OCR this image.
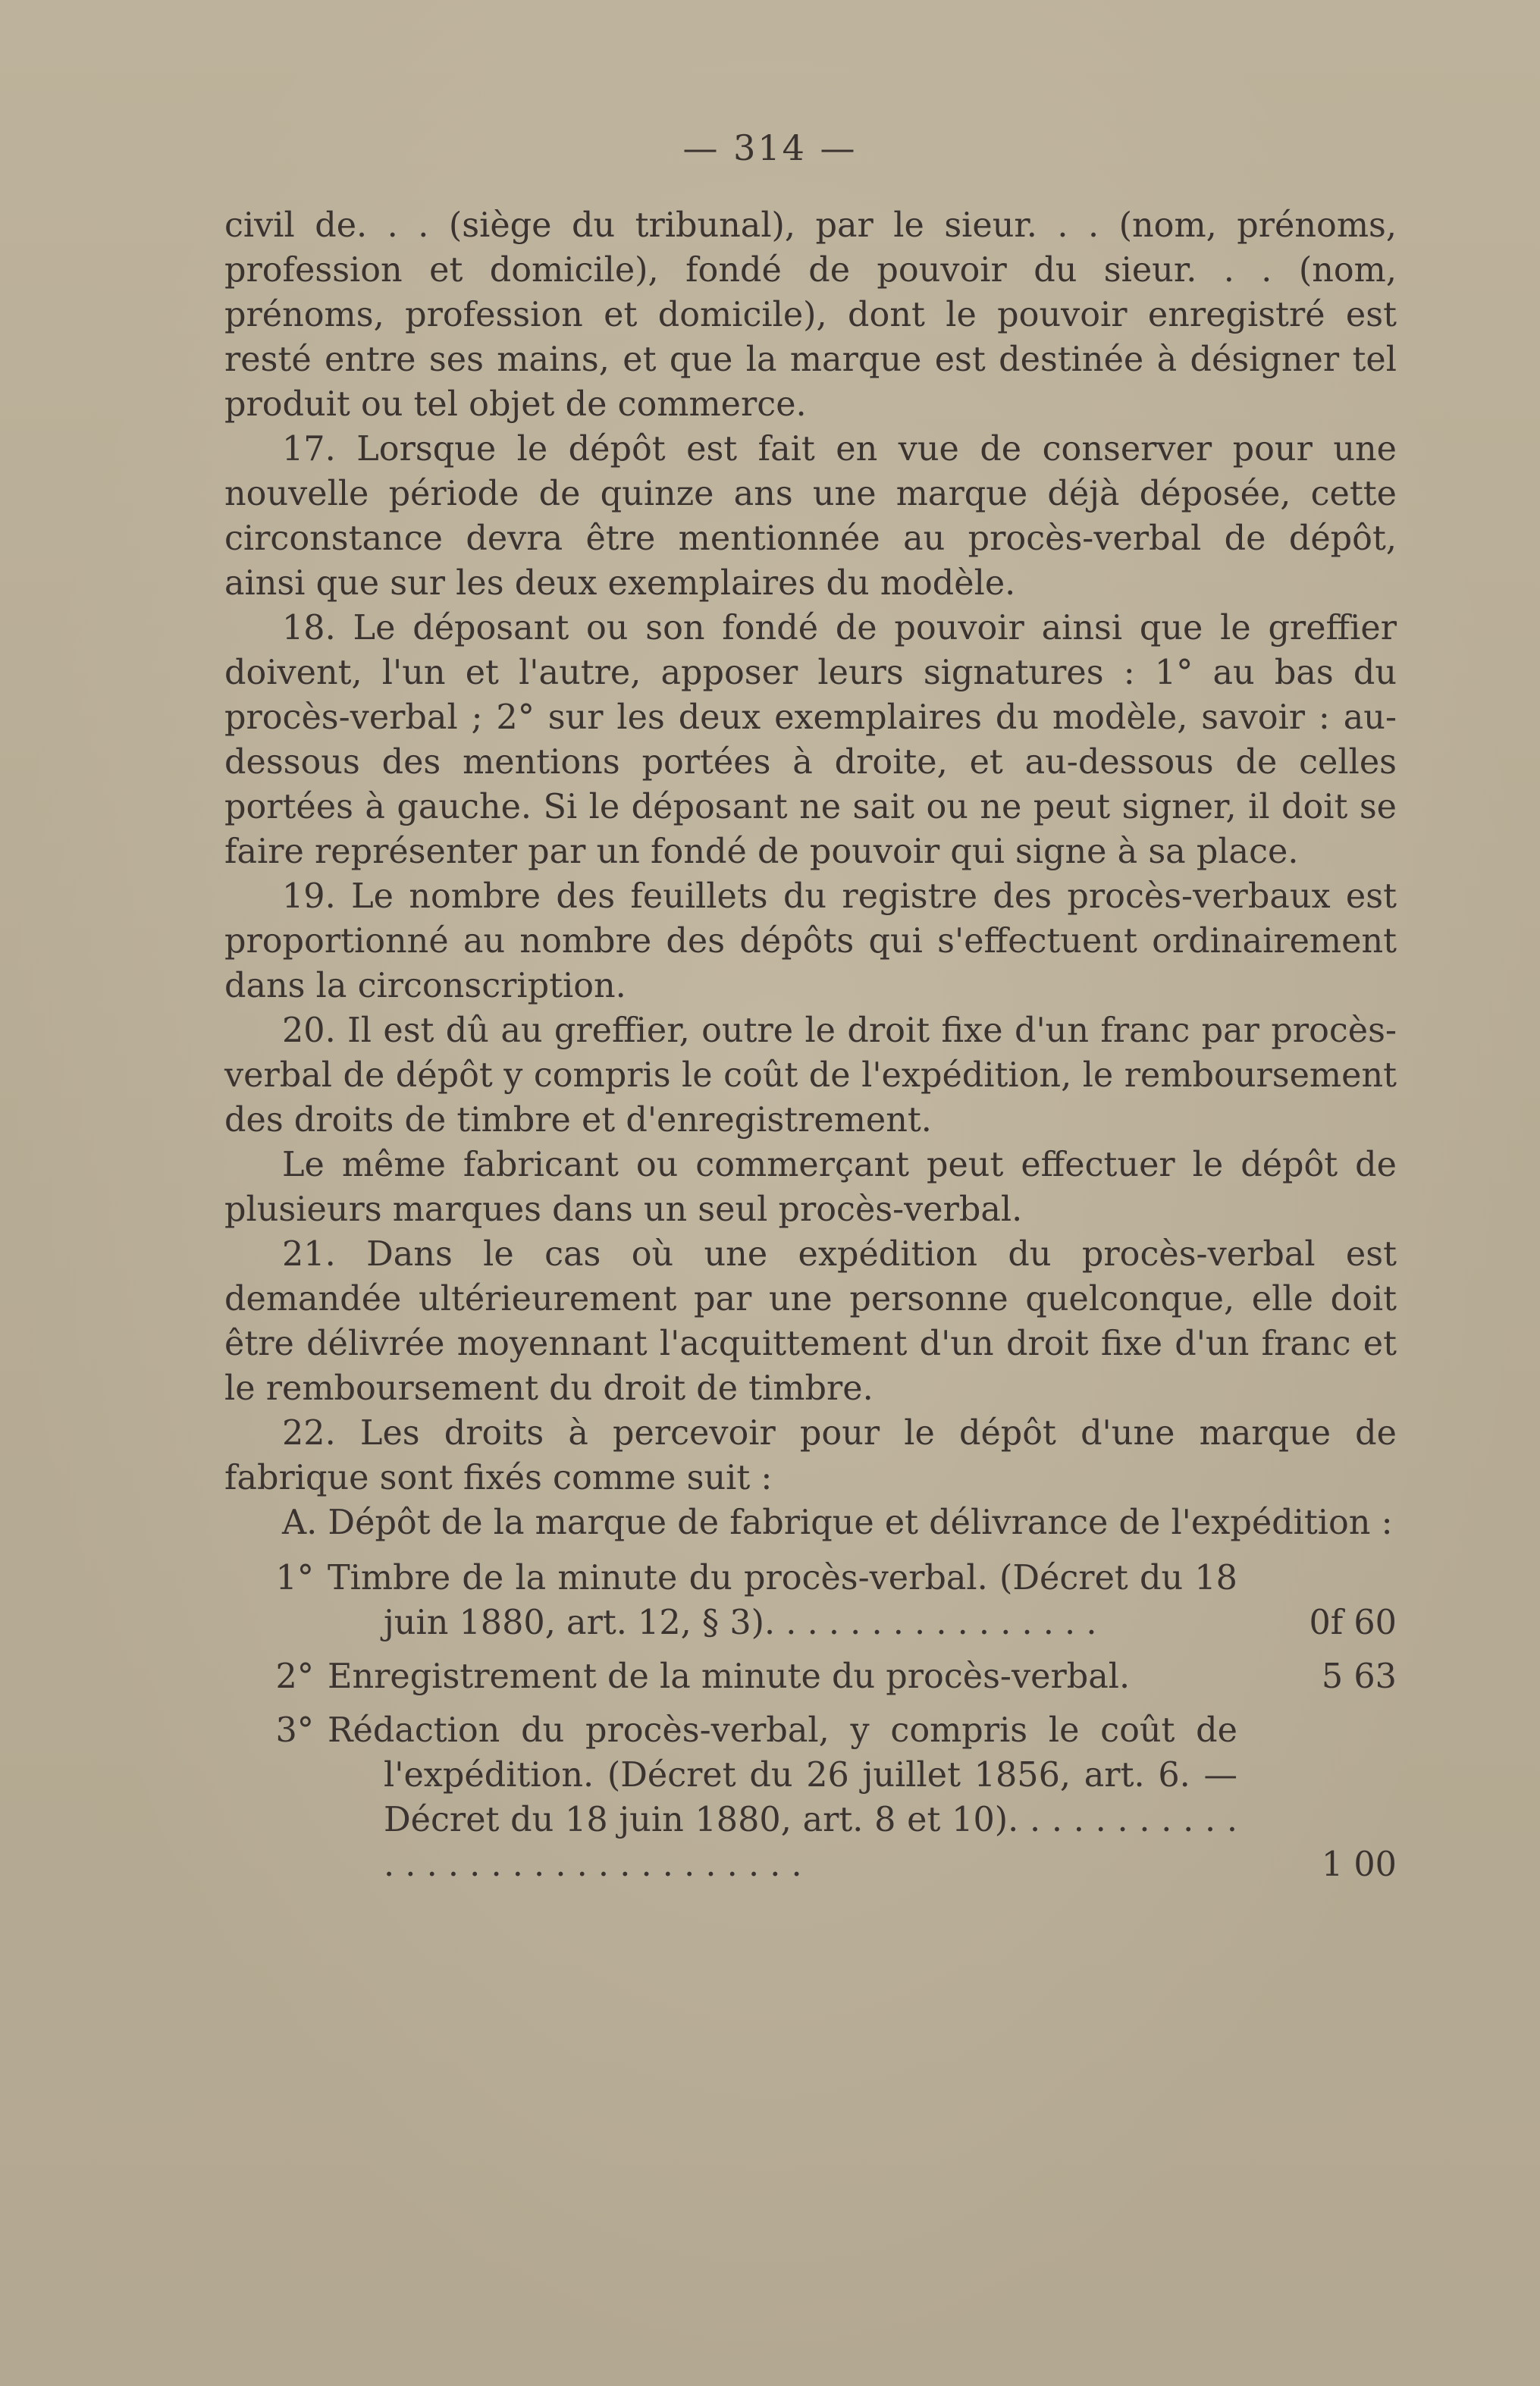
— 314 —

civil de. . . (siège du tribunal), par le sieur. . . (nom, prénoms, profession et domicile), fondé de pouvoir du sieur. . . (nom, prénoms, profession et domicile), dont le pouvoir enregistré est resté entre ses mains, et que la marque est destinée à désigner tel produit ou tel objet de commerce.

17. Lorsque le dépôt est fait en vue de conserver pour une nouvelle période de quinze ans une marque déjà déposée, cette circonstance devra être mentionnée au procès-verbal de dépôt, ainsi que sur les deux exemplaires du modèle.

18. Le déposant ou son fondé de pouvoir ainsi que le greffier doivent, l'un et l'autre, apposer leurs signatures : 1° au bas du procès-verbal ; 2° sur les deux exemplaires du modèle, savoir : au-dessous des mentions portées à droite, et au-dessous de celles portées à gauche. Si le déposant ne sait ou ne peut signer, il doit se faire représenter par un fondé de pouvoir qui signe à sa place.

19. Le nombre des feuillets du registre des procès-verbaux est proportionné au nombre des dépôts qui s'effectuent ordinairement dans la circonscription.

20. Il est dû au greffier, outre le droit fixe d'un franc par procès-verbal de dépôt y compris le coût de l'expédition, le remboursement des droits de timbre et d'enregistrement.

Le même fabricant ou commerçant peut effectuer le dépôt de plusieurs marques dans un seul procès-verbal.

21. Dans le cas où une expédition du procès-verbal est demandée ultérieurement par une personne quelconque, elle doit être délivrée moyennant l'acquittement d'un droit fixe d'un franc et le remboursement du droit de timbre.

22. Les droits à percevoir pour le dépôt d'une marque de fabrique sont fixés comme suit :

A. Dépôt de la marque de fabrique et délivrance de l'expédition :

1° Timbre de la minute du procès-verbal. (Décret du 18 juin 1880, art. 12, § 3). . . . . . . . . . . . . . . .	0f 60
2° Enregistrement de la minute du procès-verbal.	5 63
3° Rédaction du procès-verbal, y compris le coût de l'expédition. (Décret du 26 juillet 1856, art. 6. — Décret du 18 juin 1880, art. 8 et 10). . . . . . . . . . . . . . . . . . . . . . . . . . . . . . .	1 00
